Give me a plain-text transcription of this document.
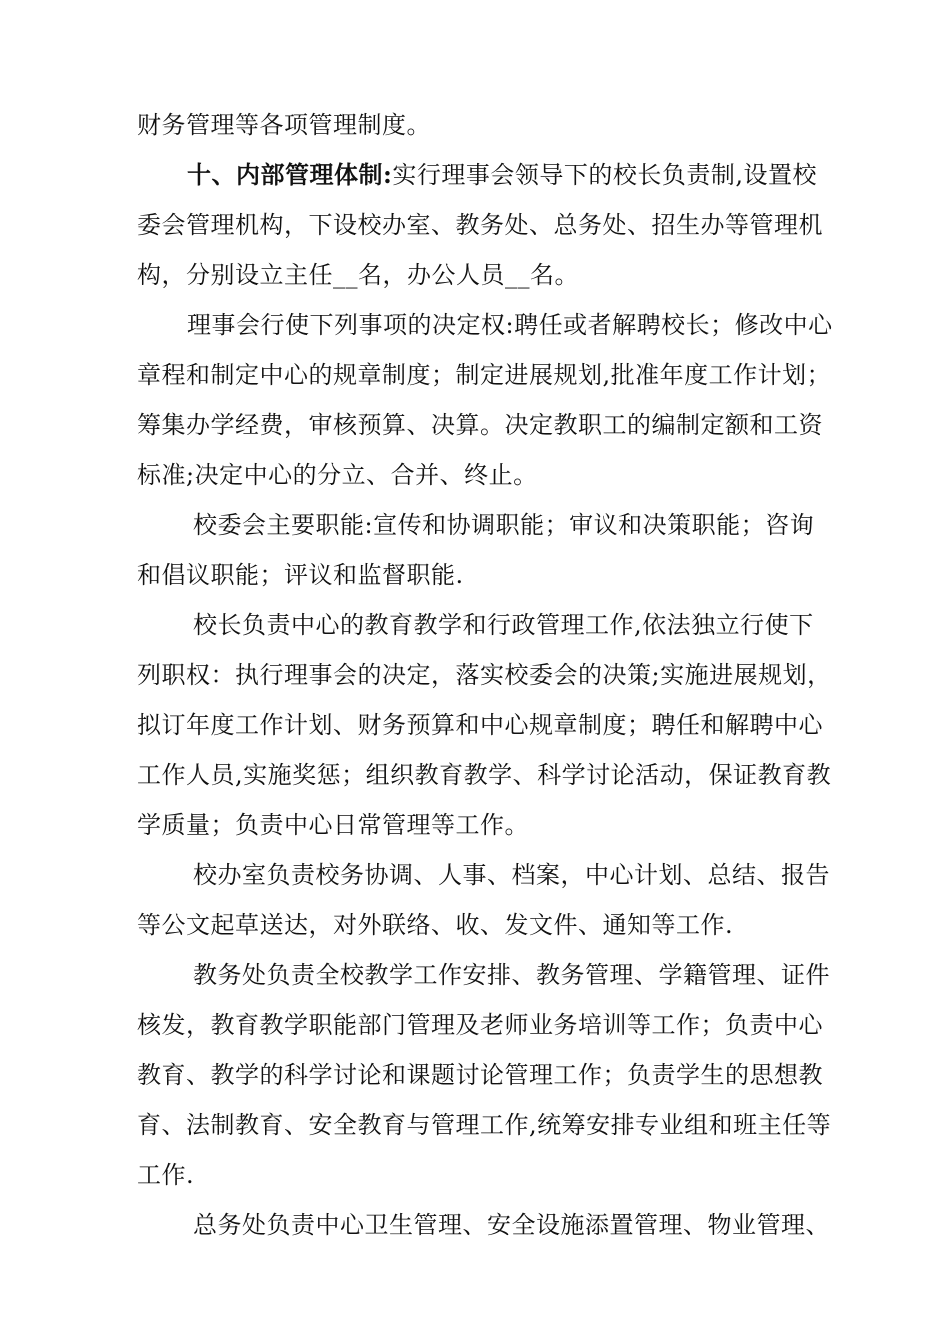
财务管理等各项管理制度。
十、内部管理体制:实行理事会领导下的校长负责制,设置校
委会管理机构，下设校办室、教务处、总务处、招生办等管理机
构，分别设立主任__名，办公人员__名。
理事会行使下列事项的决定权:聘任或者解聘校长；修改中心
章程和制定中心的规章制度；制定进展规划,批准年度工作计划；
筹集办学经费，审核预算、决算。决定教职工的编制定额和工资
标准;决定中心的分立、合并、终止。
校委会主要职能:宣传和协调职能；审议和决策职能；咨询
和倡议职能；评议和监督职能.
校长负责中心的教育教学和行政管理工作,依法独立行使下
列职权：执行理事会的决定，落实校委会的决策;实施进展规划，
拟订年度工作计划、财务预算和中心规章制度；聘任和解聘中心
工作人员,实施奖惩；组织教育教学、科学讨论活动，保证教育教
学质量；负责中心日常管理等工作。
校办室负责校务协调、人事、档案，中心计划、总结、报告
等公文起草送达，对外联络、收、发文件、通知等工作.
教务处负责全校教学工作安排、教务管理、学籍管理、证件
核发，教育教学职能部门管理及老师业务培训等工作；负责中心
教育、教学的科学讨论和课题讨论管理工作；负责学生的思想教
育、法制教育、安全教育与管理工作,统筹安排专业组和班主任等
工作.
总务处负责中心卫生管理、安全设施添置管理、物业管理、
